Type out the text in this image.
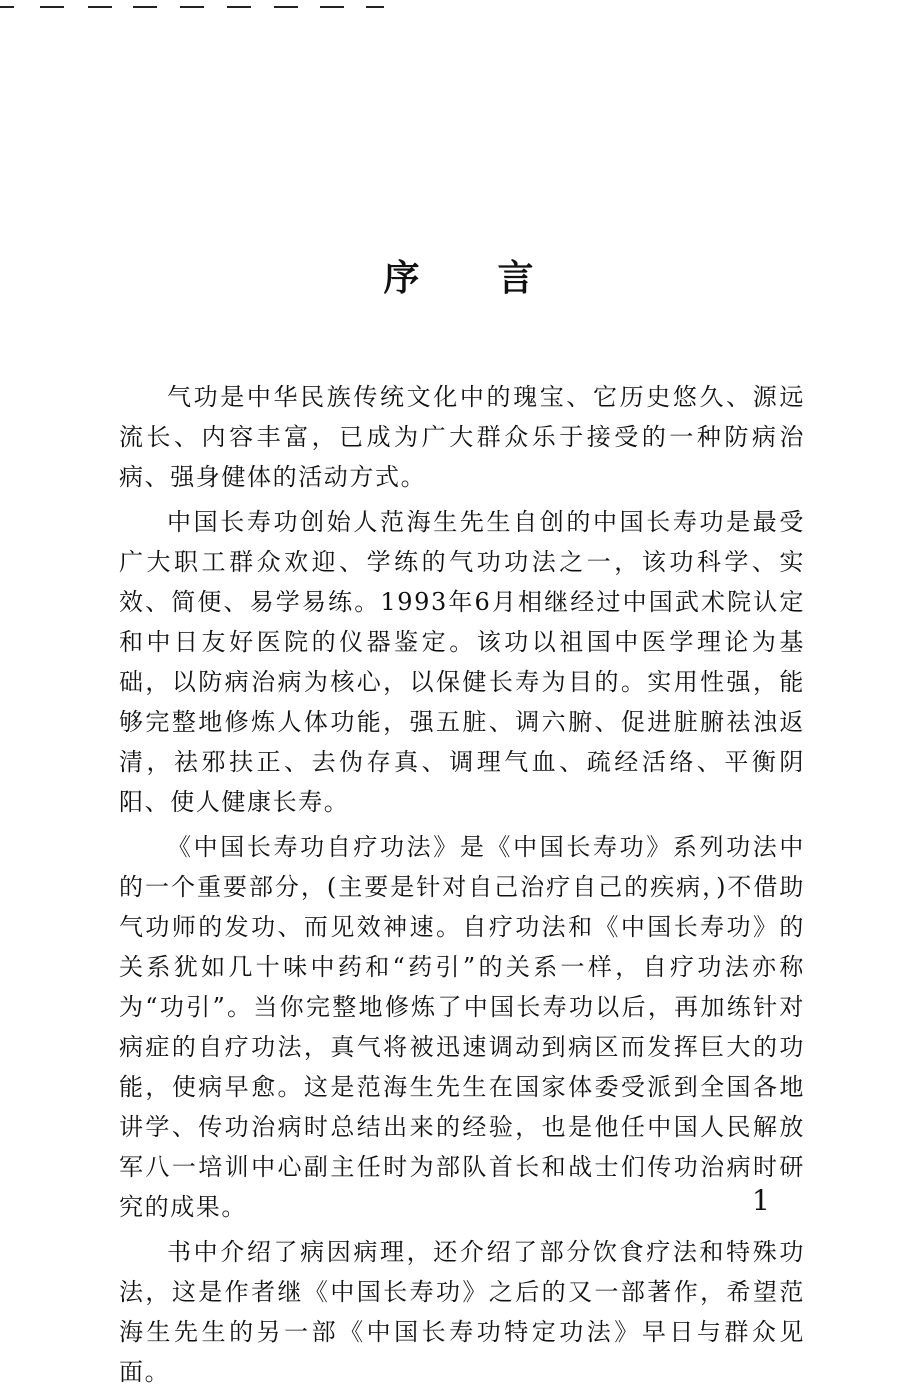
序言

气功是中华民族传统文化中的瑰宝、它历史悠久、源远流长、内容丰富，已成为广大群众乐于接受的一种防病治病、强身健体的活动方式。

中国长寿功创始人范海生先生自创的中国长寿功是最受广大职工群众欢迎、学练的气功功法之一，该功科学、实效、简便、易学易练。1993年6月相继经过中国武术院认定和中日友好医院的仪器鉴定。该功以祖国中医学理论为基础，以防病治病为核心，以保健长寿为目的。实用性强，能够完整地修炼人体功能，强五脏、调六腑、促进脏腑祛浊返清，祛邪扶正、去伪存真、调理气血、疏经活络、平衡阴阳、使人健康长寿。

《中国长寿功自疗功法》是《中国长寿功》系列功法中的一个重要部分，(主要是针对自己治疗自己的疾病，)不借助气功师的发功、而见效神速。自疗功法和《中国长寿功》的关系犹如几十味中药和“药引”的关系一样，自疗功法亦称为“功引”。当你完整地修炼了中国长寿功以后，再加练针对病症的自疗功法，真气将被迅速调动到病区而发挥巨大的功能，使病早愈。这是范海生先生在国家体委受派到全国各地讲学、传功治病时总结出来的经验，也是他任中国人民解放军八一培训中心副主任时为部队首长和战士们传功治病时研究的成果。

书中介绍了病因病理，还介绍了部分饮食疗法和特殊功法，这是作者继《中国长寿功》之后的又一部著作，希望范海生先生的另一部《中国长寿功特定功法》早日与群众见面。

1
